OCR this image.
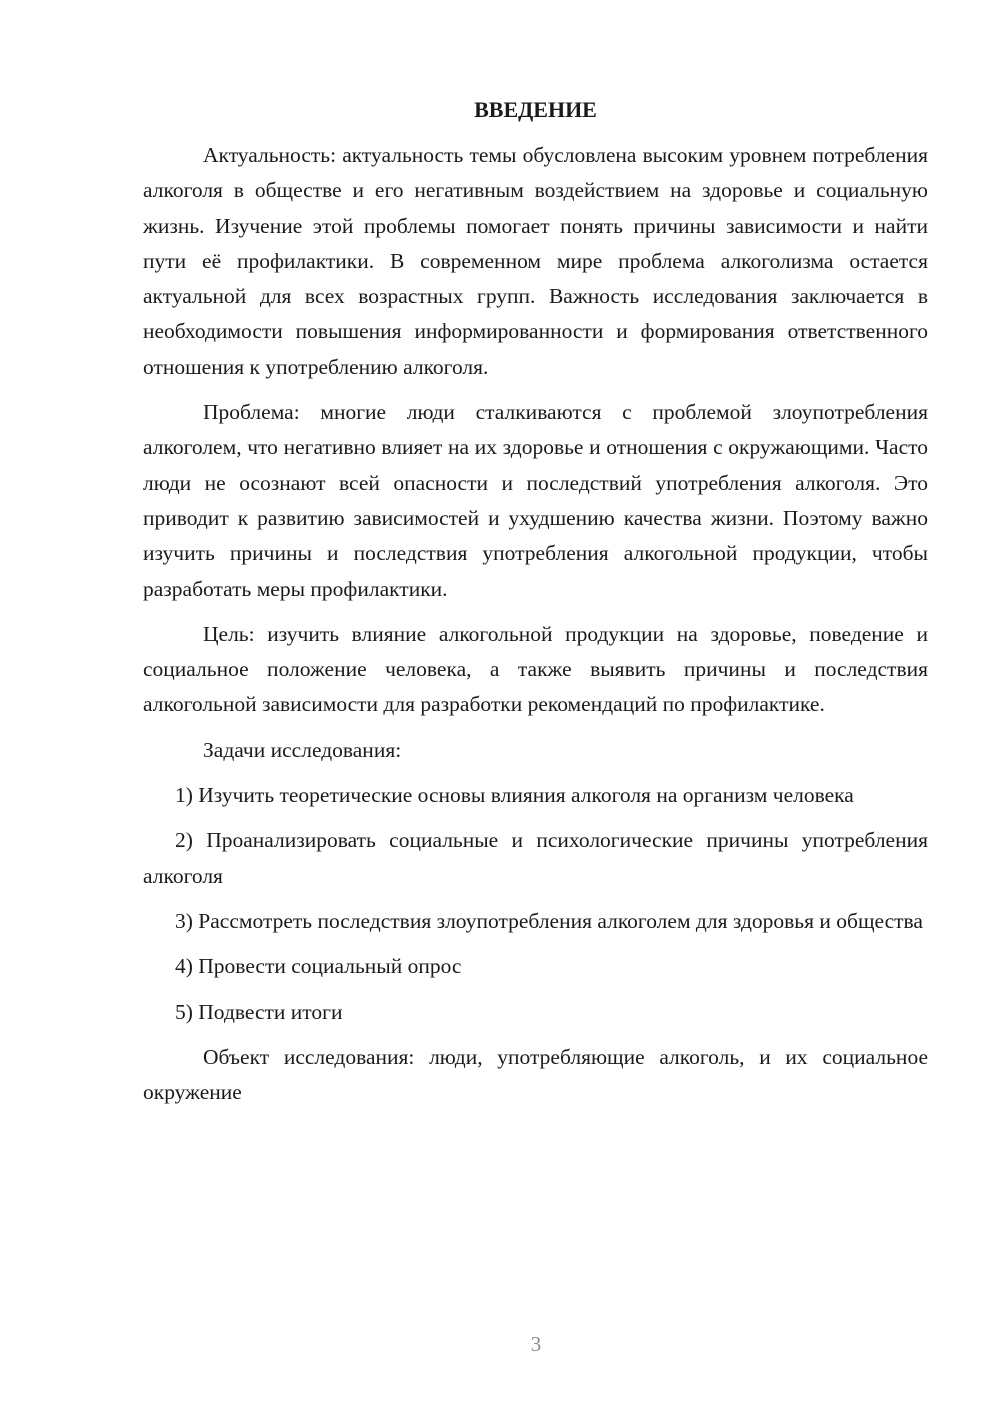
ВВЕДЕНИЕ

Актуальность: актуальность темы обусловлена высоким уровнем потребления алкоголя в обществе и его негативным воздействием на здоровье и социальную жизнь. Изучение этой проблемы помогает понять причины зависимости и найти пути её профилактики. В современном мире проблема алкоголизма остается актуальной для всех возрастных групп. Важность исследования заключается в необходимости повышения информированности и формирования ответственного отношения к употреблению алкоголя.

Проблема: многие люди сталкиваются с проблемой злоупотребления алкоголем, что негативно влияет на их здоровье и отношения с окружающими. Часто люди не осознают всей опасности и последствий употребления алкоголя. Это приводит к развитию зависимостей и ухудшению качества жизни. Поэтому важно изучить причины и последствия употребления алкогольной продукции, чтобы разработать меры профилактики.

Цель: изучить влияние алкогольной продукции на здоровье, поведение и социальное положение человека, а также выявить причины и последствия алкогольной зависимости для разработки рекомендаций по профилактике.

Задачи исследования:

1) Изучить теоретические основы влияния алкоголя на организм человека

2) Проанализировать социальные и психологические причины употребления алкоголя

3) Рассмотреть последствия злоупотребления алкоголем для здоровья и общества

4) Провести социальный опрос

5) Подвести итоги

Объект исследования: люди, употребляющие алкоголь, и их социальное окружение

3
